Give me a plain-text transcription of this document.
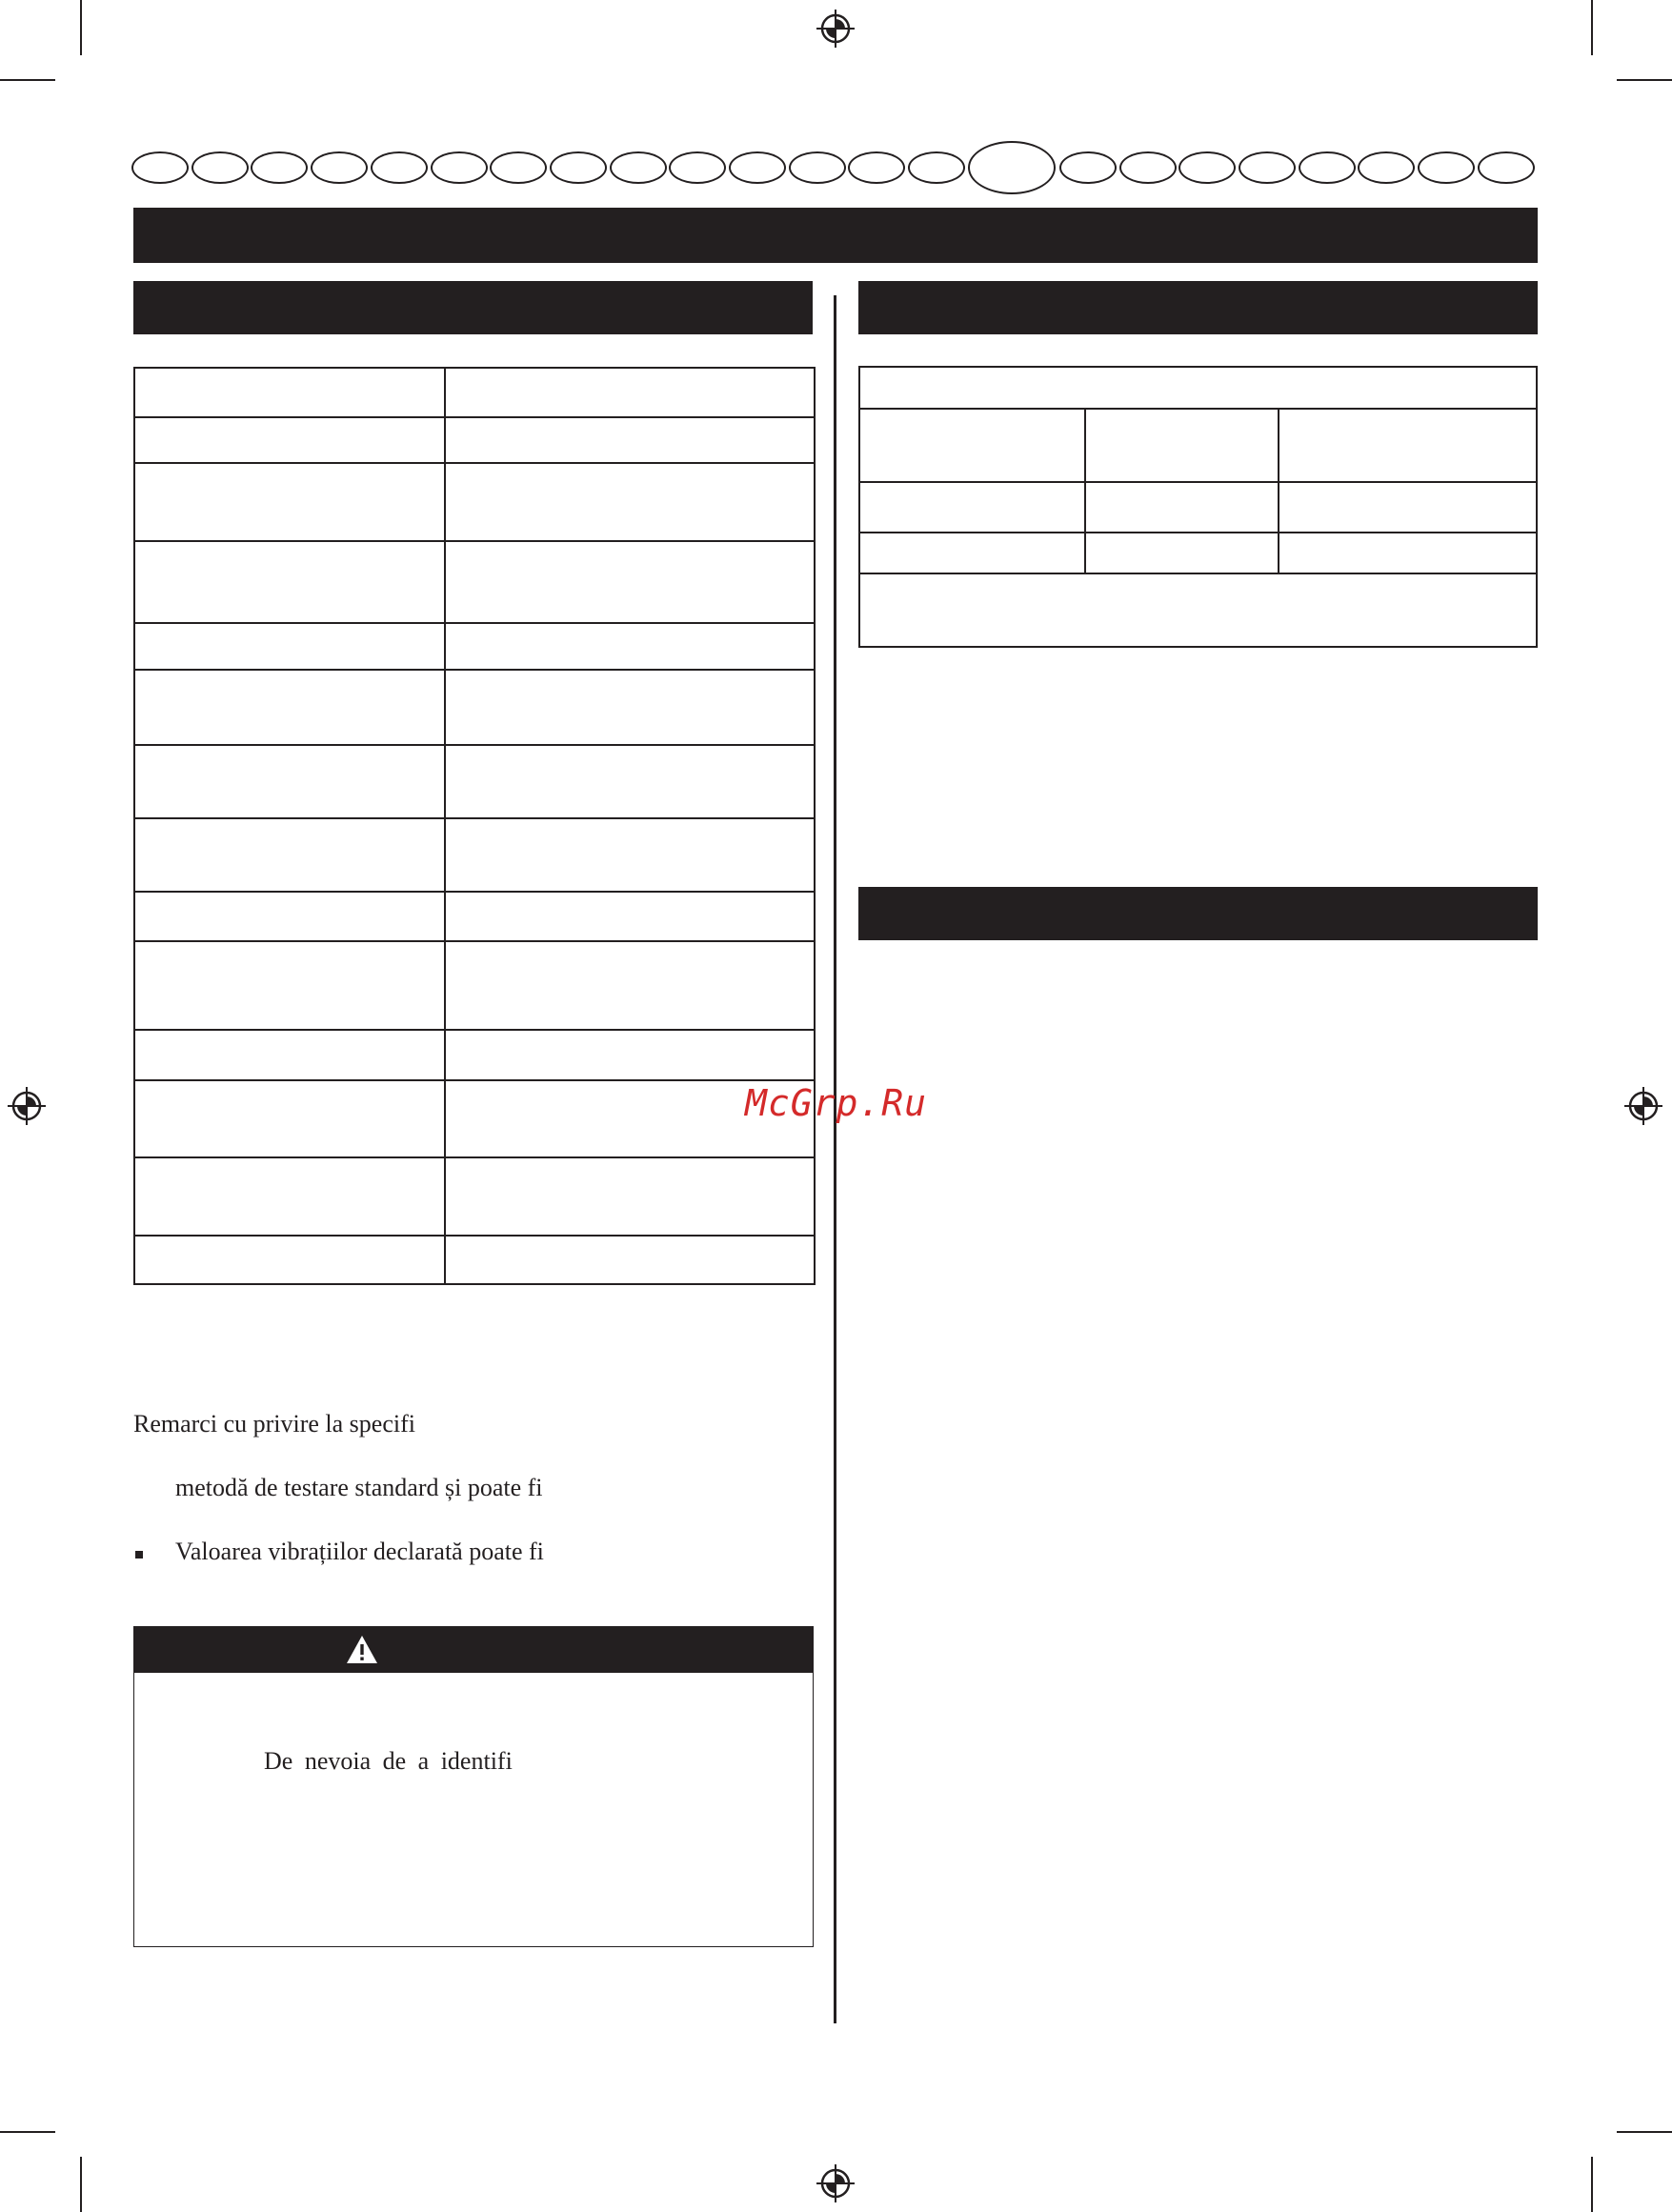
Remarci cu privire la specifi
metodă de testare standard și poate fi
Valoarea vibrațiilor declarată poate fi
De nevoia de a identifi
McGrp.Ru
